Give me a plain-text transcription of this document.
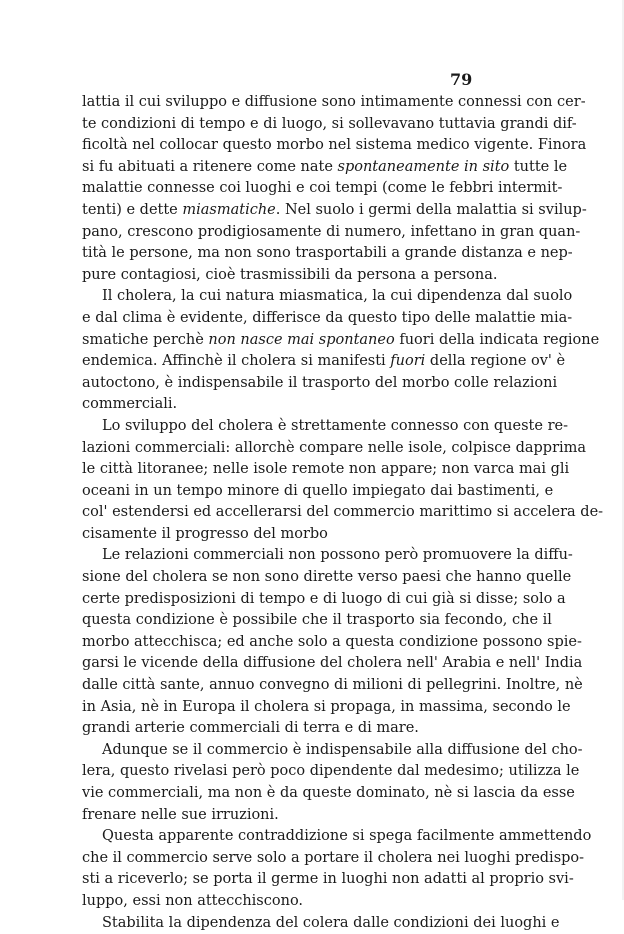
79
lattia il cui sviluppo e diffusione sono intimamente connessi con cer-
te condizioni di tempo e di luogo, si sollevavano tuttavia grandi dif-
ficoltà nel collocar questo morbo nel sistema medico vigente. Finora
si fu abituati a ritenere come nate spontaneamente in sito tutte le
malattie connesse coi luoghi e coi tempi (come le febbri intermit-
tenti) e dette miasmatiche. Nel suolo i germi della malattia si svilup-
pano, crescono prodigiosamente di numero, infettano in gran quan-
tità le persone, ma non sono trasportabili a grande distanza e nep-
pure contagiosi, cioè trasmissibili da persona a persona.
Il cholera, la cui natura miasmatica, la cui dipendenza dal suolo
e dal clima è evidente, differisce da questo tipo delle malattie mia-
smatiche perchè non nasce mai spontaneo fuori della indicata regione
endemica. Affinchè il cholera si manifesti fuori della regione ov' è
autoctono, è indispensabile il trasporto del morbo colle relazioni
commerciali.
Lo sviluppo del cholera è strettamente connesso con queste re-
lazioni commerciali: allorchè compare nelle isole, colpisce dapprima
le città litoranee; nelle isole remote non appare; non varca mai gli
oceani in un tempo minore di quello impiegato dai bastimenti, e
col' estendersi ed accellerarsi del commercio marittimo si accelera de-
cisamente il progresso del morbo
Le relazioni commerciali non possono però promuovere la diffu-
sione del cholera se non sono dirette verso paesi che hanno quelle
certe predisposizioni di tempo e di luogo di cui già si disse; solo a
questa condizione è possibile che il trasporto sia fecondo, che il
morbo attecchisca; ed anche solo a questa condizione possono spie-
garsi le vicende della diffusione del cholera nell' Arabia e nell' India
dalle città sante, annuo convegno di milioni di pellegrini. Inoltre, nè
in Asia, nè in Europa il cholera si propaga, in massima, secondo le
grandi arterie commerciali di terra e di mare.
Adunque se il commercio è indispensabile alla diffusione del cho-
lera, questo rivelasi però poco dipendente dal medesimo; utilizza le
vie commerciali, ma non è da queste dominato, nè si lascia da esse
frenare nelle sue irruzioni.
Questa apparente contraddizione si spega facilmente ammettendo
che il commercio serve solo a portare il cholera nei luoghi predispo-
sti a riceverlo; se porta il germe in luoghi non adatti al proprio svi-
luppo, essi non attecchiscono.
Stabilita la dipendenza del colera dalle condizioni dei luoghi e
